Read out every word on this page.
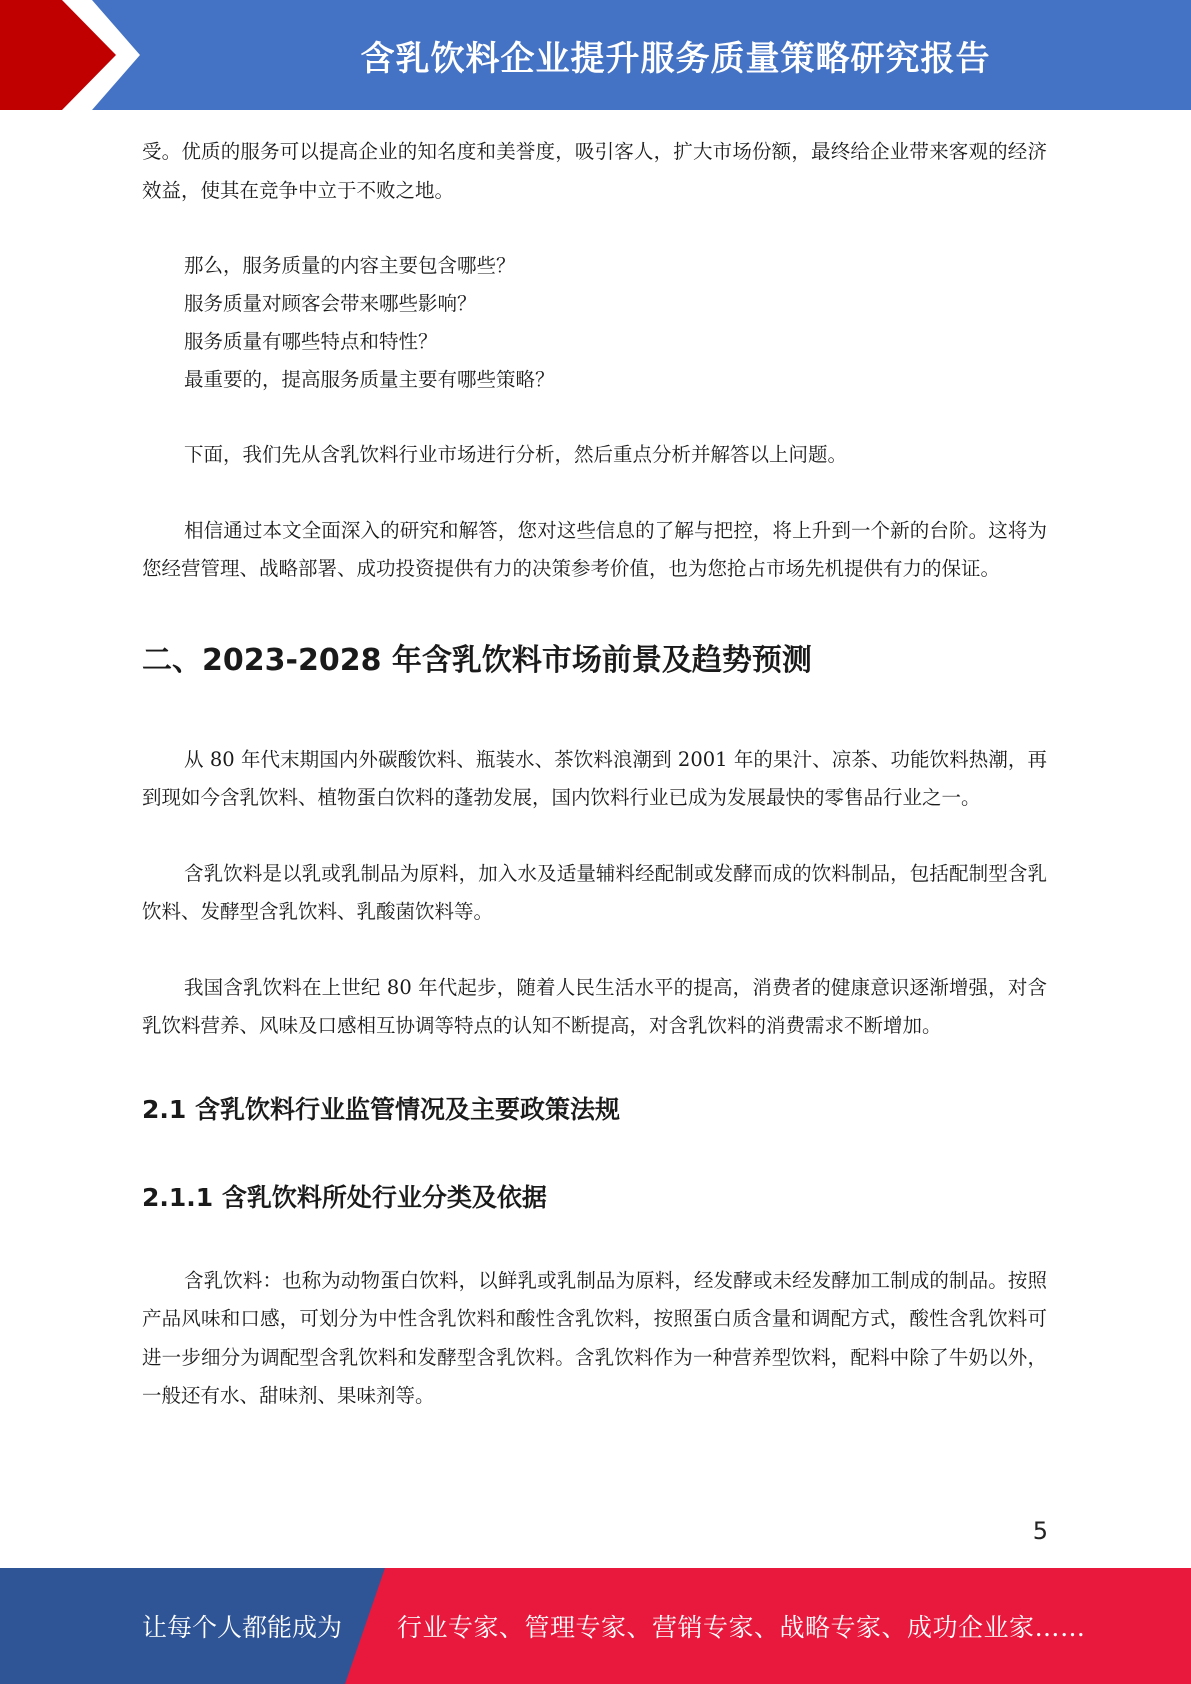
含乳饮料企业提升服务质量策略研究报告

受。优质的服务可以提高企业的知名度和美誉度，吸引客人，扩大市场份额，最终给企业带来客观的经济效益，使其在竞争中立于不败之地。

那么，服务质量的内容主要包含哪些？

服务质量对顾客会带来哪些影响？

服务质量有哪些特点和特性？

最重要的，提高服务质量主要有哪些策略？

下面，我们先从含乳饮料行业市场进行分析，然后重点分析并解答以上问题。

相信通过本文全面深入的研究和解答，您对这些信息的了解与把控，将上升到一个新的台阶。这将为您经营管理、战略部署、成功投资提供有力的决策参考价值，也为您抢占市场先机提供有力的保证。

二、2023-2028 年含乳饮料市场前景及趋势预测

从 80 年代末期国内外碳酸饮料、瓶装水、茶饮料浪潮到 2001 年的果汁、凉茶、功能饮料热潮，再到现如今含乳饮料、植物蛋白饮料的蓬勃发展，国内饮料行业已成为发展最快的零售品行业之一。

含乳饮料是以乳或乳制品为原料，加入水及适量辅料经配制或发酵而成的饮料制品，包括配制型含乳饮料、发酵型含乳饮料、乳酸菌饮料等。

我国含乳饮料在上世纪 80 年代起步，随着人民生活水平的提高，消费者的健康意识逐渐增强，对含乳饮料营养、风味及口感相互协调等特点的认知不断提高，对含乳饮料的消费需求不断增加。

2.1 含乳饮料行业监管情况及主要政策法规
2.1.1 含乳饮料所处行业分类及依据

含乳饮料：也称为动物蛋白饮料，以鲜乳或乳制品为原料，经发酵或未经发酵加工制成的制品。按照产品风味和口感，可划分为中性含乳饮料和酸性含乳饮料，按照蛋白质含量和调配方式，酸性含乳饮料可进一步细分为调配型含乳饮料和发酵型含乳饮料。含乳饮料作为一种营养型饮料，配料中除了牛奶以外，一般还有水、甜味剂、果味剂等。

5
让每个人都能成为 行业专家、管理专家、营销专家、战略专家、成功企业家……
